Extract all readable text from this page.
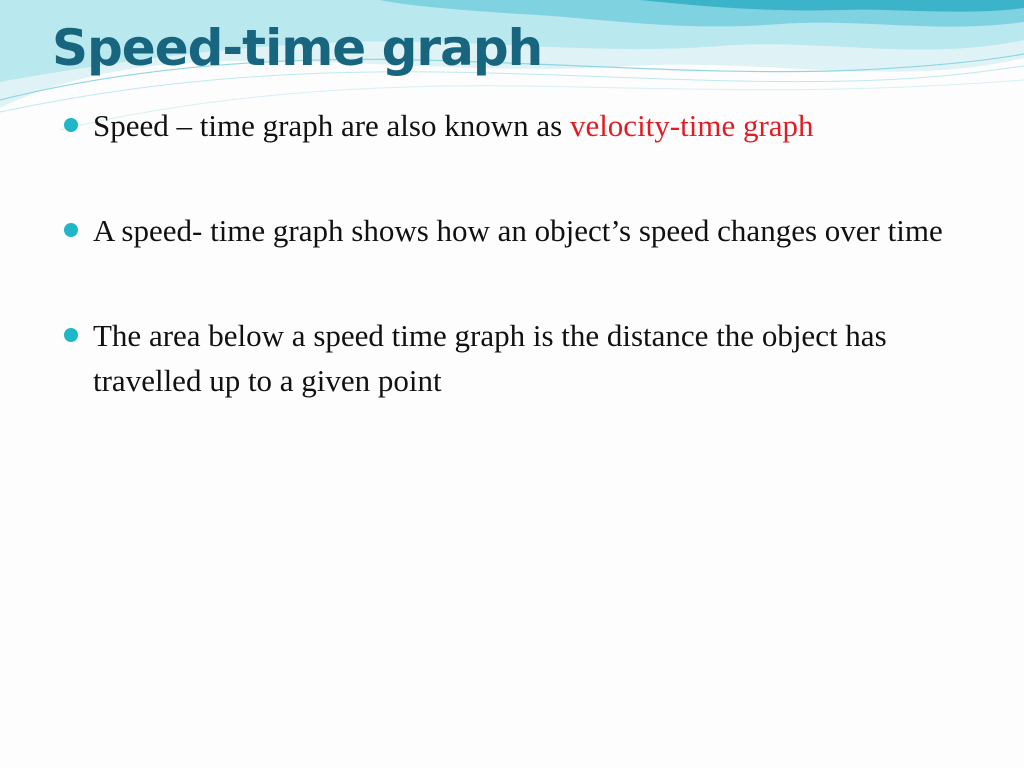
Speed-time graph
Speed – time graph are also known as velocity-time graph
A speed- time graph shows how an object’s speed changes over time
The area below a speed time graph is the distance the object has travelled up to a given point
